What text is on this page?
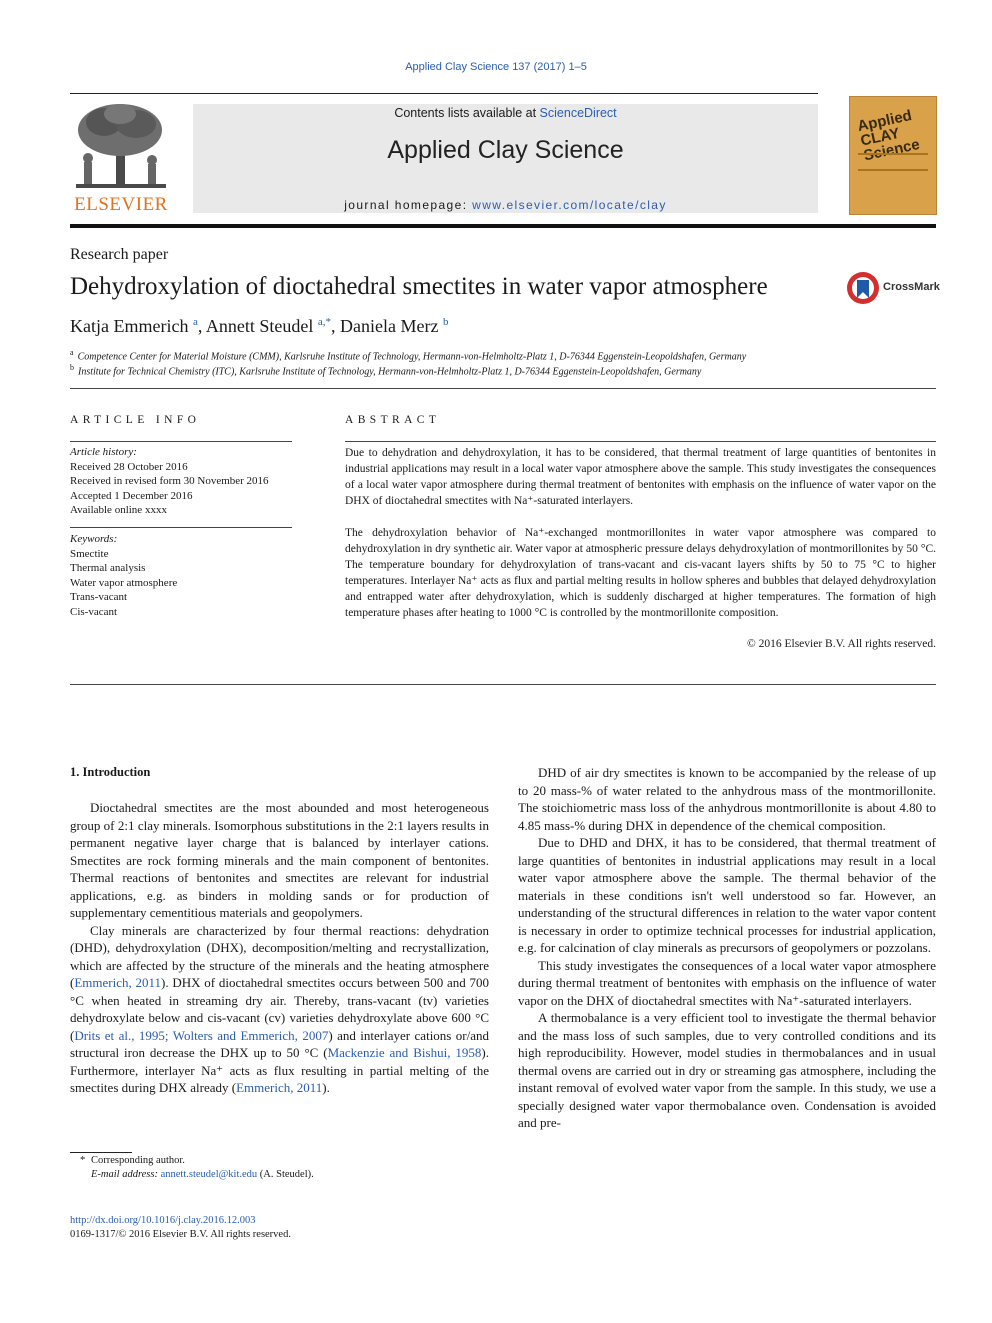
Applied Clay Science 137 (2017) 1–5
ELSEVIER
Contents lists available at ScienceDirect
Applied Clay Science
journal homepage: www.elsevier.com/locate/clay
Applied CLAY Science
Research paper
Dehydroxylation of dioctahedral smectites in water vapor atmosphere	CrossMark
Katja Emmerich $^a$, Annett Steudel $^{a,*}$, Daniela Merz $^b$
$^a$ Competence Center for Material Moisture (CMM), Karlsruhe Institute of Technology, Hermann-von-Helmholtz-Platz 1, D-76344 Eggenstein-Leopoldshafen, Germany
$^b$ Institute for Technical Chemistry (ITC), Karlsruhe Institute of Technology, Hermann-von-Helmholtz-Platz 1, D-76344 Eggenstein-Leopoldshafen, Germany
ARTICLE INFO
Article history:
Received 28 October 2016
Received in revised form 30 November 2016
Accepted 1 December 2016
Available online xxxx
Keywords:
Smectite
Thermal analysis
Water vapor atmosphere
Trans-vacant
Cis-vacant
ABSTRACT
Due to dehydration and dehydroxylation, it has to be considered, that thermal treatment of large quantities of bentonites in industrial applications may result in a local water vapor atmosphere above the sample. This study investigates the consequences of a local water vapor atmosphere during thermal treatment of bentonites with emphasis on the influence of water vapor on the DHX of dioctahedral smectites with Na⁺-saturated interlayers.
The dehydroxylation behavior of Na⁺-exchanged montmorillonites in water vapor atmosphere was compared to dehydroxylation in dry synthetic air. Water vapor at atmospheric pressure delays dehydroxylation of montmorillonites by 50 °C. The temperature boundary for dehydroxylation of trans-vacant and cis-vacant layers shifts by 50 to 75 °C to higher temperatures. Interlayer Na⁺ acts as flux and partial melting results in hollow spheres and bubbles that delayed dehydroxylation and entrapped water after dehydroxylation, which is suddenly discharged at higher temperatures. The formation of high temperature phases after heating to 1000 °C is controlled by the montmorillonite composition.
© 2016 Elsevier B.V. All rights reserved.
1. Introduction

Dioctahedral smectites are the most abounded and most heterogeneous group of 2:1 clay minerals. Isomorphous substitutions in the 2:1 layers results in permanent negative layer charge that is balanced by interlayer cations. Smectites are rock forming minerals and the main component of bentonites. Thermal reactions of bentonites and smectites are relevant for industrial applications, e.g. as binders in molding sands or for production of supplementary cementitious materials and geopolymers.

Clay minerals are characterized by four thermal reactions: dehydration (DHD), dehydroxylation (DHX), decomposition/melting and recrystallization, which are affected by the structure of the minerals and the heating atmosphere (Emmerich, 2011). DHX of dioctahedral smectites occurs between 500 and 700 °C when heated in streaming dry air. Thereby, trans-vacant (tv) varieties dehydroxylate below and cis-vacant (cv) varieties dehydroxylate above 600 °C (Drits et al., 1995; Wolters and Emmerich, 2007) and interlayer cations or/and structural iron decrease the DHX up to 50 °C (Mackenzie and Bishui, 1958). Furthermore, interlayer Na⁺ acts as flux resulting in partial melting of the smectites during DHX already (Emmerich, 2011).

DHD of air dry smectites is known to be accompanied by the release of up to 20 mass-% of water related to the anhydrous mass of the montmorillonite. The stoichiometric mass loss of the anhydrous montmorillonite is about 4.80 to 4.85 mass-% during DHX in dependence of the chemical composition.

Due to DHD and DHX, it has to be considered, that thermal treatment of large quantities of bentonites in industrial applications may result in a local water vapor atmosphere above the sample. The thermal behavior of the materials in these conditions isn't well understood so far. However, an understanding of the structural differences in relation to the water vapor content is necessary in order to optimize technical processes for industrial application, e.g. for calcination of clay minerals as precursors of geopolymers or pozzolans.

This study investigates the consequences of a local water vapor atmosphere during thermal treatment of bentonites with emphasis on the influence of water vapor on the DHX of dioctahedral smectites with Na⁺-saturated interlayers.

A thermobalance is a very efficient tool to investigate the thermal behavior and the mass loss of such samples, due to very controlled conditions and its high reproducibility. However, model studies in thermobalances and in usual thermal ovens are carried out in dry or streaming gas atmosphere, including the instant removal of evolved water vapor from the sample. In this study, we use a specially designed water vapor thermobalance oven. Condensation is avoided and pre-

* Corresponding author.
E-mail address: annett.steudel@kit.edu (A. Steudel).
http://dx.doi.org/10.1016/j.clay.2016.12.003
0169-1317/© 2016 Elsevier B.V. All rights reserved.
